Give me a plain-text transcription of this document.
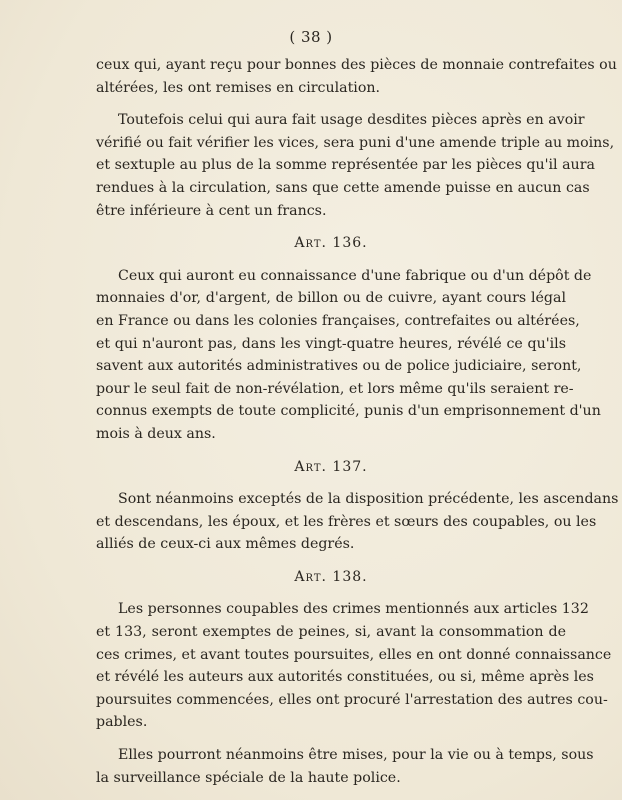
( 38 )
ceux qui, ayant reçu pour bonnes des pièces de monnaie contrefaites ou
altérées, les ont remises en circulation.
Toutefois celui qui aura fait usage desdites pièces après en avoir
vérifié ou fait vérifier les vices, sera puni d'une amende triple au moins,
et sextuple au plus de la somme représentée par les pièces qu'il aura
rendues à la circulation, sans que cette amende puisse en aucun cas
être inférieure à cent un francs.
Art. 136.
Ceux qui auront eu connaissance d'une fabrique ou d'un dépôt de
monnaies d'or, d'argent, de billon ou de cuivre, ayant cours légal
en France ou dans les colonies françaises, contrefaites ou altérées,
et qui n'auront pas, dans les vingt-quatre heures, révélé ce qu'ils
savent aux autorités administratives ou de police judiciaire, seront,
pour le seul fait de non-révélation, et lors même qu'ils seraient re-
connus exempts de toute complicité, punis d'un emprisonnement d'un
mois à deux ans.
Art. 137.
Sont néanmoins exceptés de la disposition précédente, les ascendans
et descendans, les époux, et les frères et sœurs des coupables, ou les
alliés de ceux-ci aux mêmes degrés.
Art. 138.
Les personnes coupables des crimes mentionnés aux articles 132
et 133, seront exemptes de peines, si, avant la consommation de
ces crimes, et avant toutes poursuites, elles en ont donné connaissance
et révélé les auteurs aux autorités constituées, ou si, même après les
poursuites commencées, elles ont procuré l'arrestation des autres cou-
pables.
Elles pourront néanmoins être mises, pour la vie ou à temps, sous
la surveillance spéciale de la haute police.
